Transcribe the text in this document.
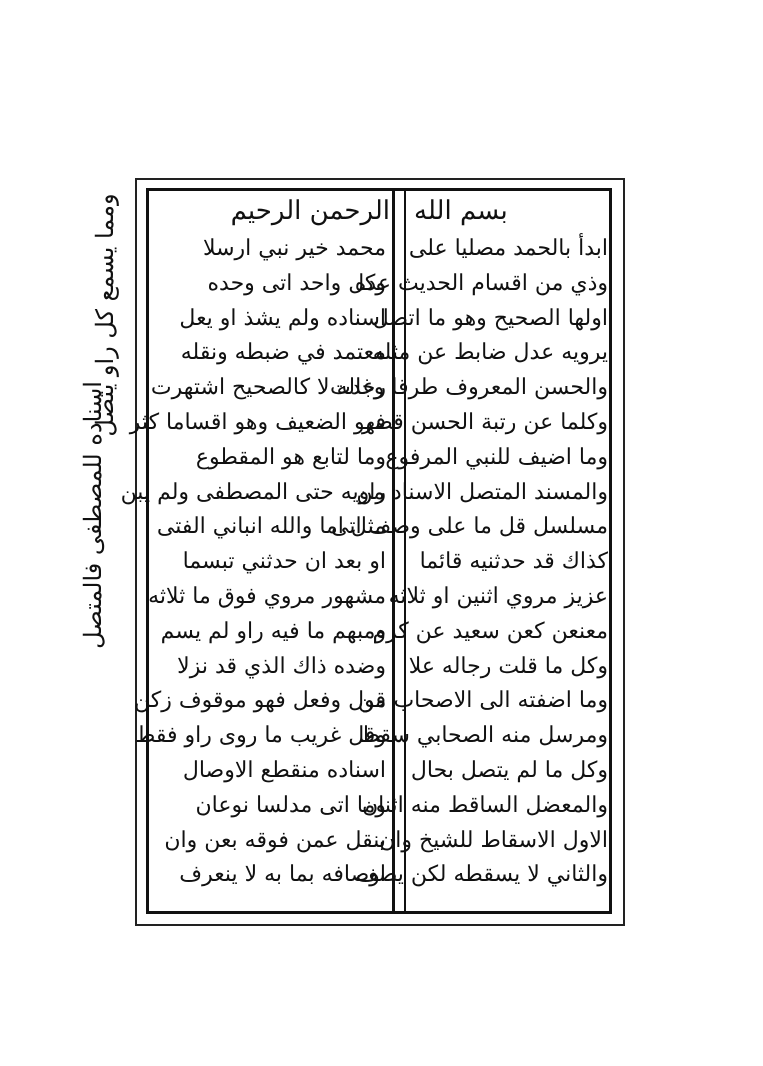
بسم الله
الرحمن الرحيم
ابدأ بالحمد مصليا على
وذي من اقسام الحديث عده
اولها الصحيح وهو ما اتصل
يرويه عدل ضابط عن مثله
والحسن المعروف طرقا وغدت
وكلما عن رتبة الحسن قصر
وما اضيف للنبي المرفوع
والمسند المتصل الاسناد من
مسلسل قل ما على وصف اتى
كذاك قد حدثنيه قائما
عزيز مروي اثنين او ثلاثه
معنعن كعن سعيد عن كرم
وكل ما قلت رجاله علا
وما اضفته الى الاصحاب من
ومرسل منه الصحابي سقط
وكل ما لم يتصل بحال
والمعضل الساقط منه اثنان
الاول الاسقاط للشيخ وان
والثاني لا يسقطه لكن يصف
محمد خير نبي ارسلا
وكل واحد اتى وحده
اسناده ولم يشذ او يعل
معتمد في ضبطه ونقله
رجاله لا كالصحيح اشتهرت
فهو الضعيف وهو اقساما كثر
وما لتابع هو المقطوع
راويه حتى المصطفى ولم يبن
مثل اما والله انباني الفتى
او بعد ان حدثني تبسما
مشهور مروي فوق ما ثلاثه
ومبهم ما فيه راو لم يسم
وضده ذاك الذي قد نزلا
قول وفعل فهو موقوف زكن
وقل غريب ما روى راو فقط
اسناده منقطع الاوصال
وما اتى مدلسا نوعان
ينقل عمن فوقه بعن وان
اوصافه بما به لا ينعرف
ومما يسمع كل راو يتصل
اسناده للمصطفى فالمتصل
